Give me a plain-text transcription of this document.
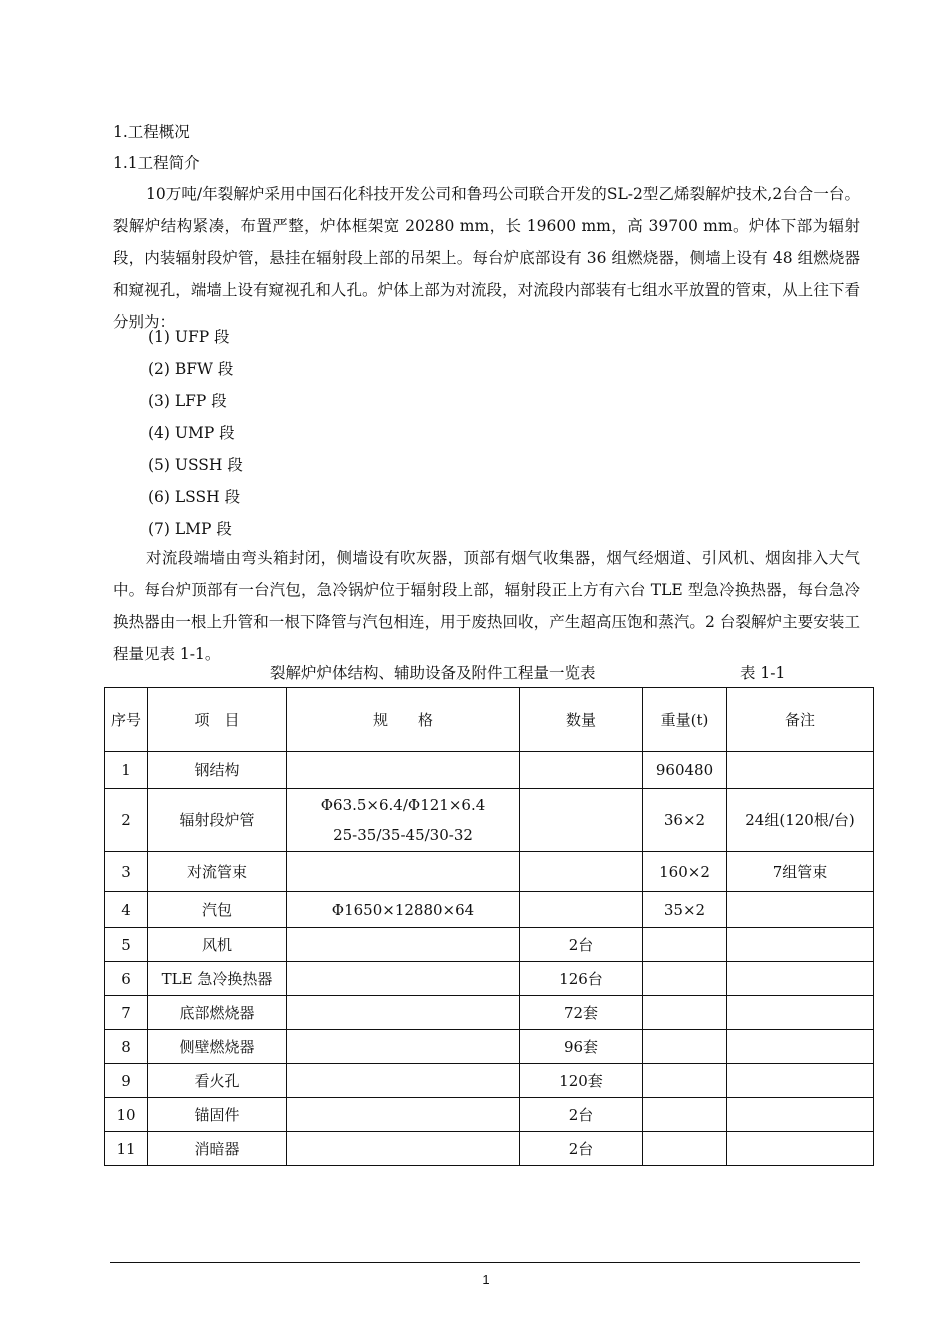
1.工程概况
1.1工程简介
10万吨/年裂解炉采用中国石化科技开发公司和鲁玛公司联合开发的SL-2型乙烯裂解炉技术,2台合一台。裂解炉结构紧凑，布置严整，炉体框架宽 20280 mm，长 19600 mm，高 39700 mm。炉体下部为辐射段，内装辐射段炉管，悬挂在辐射段上部的吊架上。每台炉底部设有 36 组燃烧器，侧墙上设有 48 组燃烧器和窥视孔，端墙上设有窥视孔和人孔。炉体上部为对流段，对流段内部装有七组水平放置的管束，从上往下看分别为：
(1) UFP 段
(2) BFW 段
(3) LFP 段
(4) UMP 段
(5) USSH 段
(6) LSSH 段
(7) LMP 段
对流段端墙由弯头箱封闭，侧墙设有吹灰器，顶部有烟气收集器，烟气经烟道、引风机、烟囱排入大气中。每台炉顶部有一台汽包，急冷锅炉位于辐射段上部，辐射段正上方有六台 TLE 型急冷换热器，每台急冷换热器由一根上升管和一根下降管与汽包相连，用于废热回收，产生超高压饱和蒸汽。2 台裂解炉主要安装工程量见表 1-1。
裂解炉炉体结构、辅助设备及附件工程量一览表	表 1-1
序号	项　目	规　　格	数量	重量(t)	备注
1	钢结构			960480	
2	辐射段炉管	Φ63.5×6.4/Φ121×6.4
25-35/35-45/30-32		36×2	24组(120根/台)
3	对流管束			160×2	7组管束
4	汽包	Φ1650×12880×64		35×2	
5	风机		2台		
6	TLE 急冷换热器		126台		
7	底部燃烧器		72套		
8	侧壁燃烧器		96套		
9	看火孔		120套		
10	锚固件		2台		
11	消暗器		2台		
1
